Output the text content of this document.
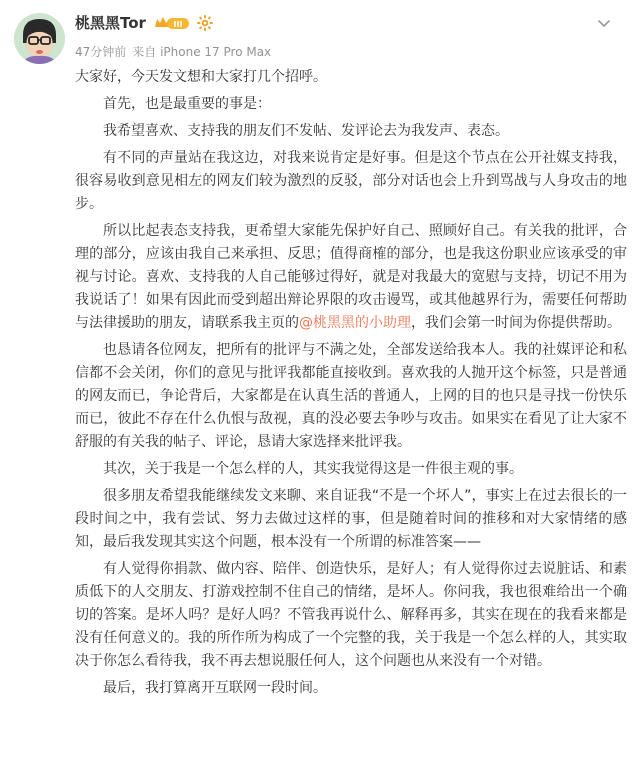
桃黑黑Tor	III
47分钟前 来自 iPhone 17 Pro Max

大家好，今天发文想和大家打几个招呼。

首先，也是最重要的事是：

我希望喜欢、支持我的朋友们不发帖、发评论去为我发声、表态。

有不同的声量站在我这边，对我来说肯定是好事。但是这个节点在公开社媒支持我，很容易收到意见相左的网友们较为激烈的反驳，部分对话也会上升到骂战与人身攻击的地步。

所以比起表态支持我，更希望大家能先保护好自己、照顾好自己。有关我的批评，合理的部分，应该由我自己来承担、反思；值得商榷的部分，也是我这份职业应该承受的审视与讨论。喜欢、支持我的人自己能够过得好，就是对我最大的宽慰与支持，切记不用为我说话了！如果有因此而受到超出辩论界限的攻击谩骂，或其他越界行为，需要任何帮助与法律援助的朋友，请联系我主页的@桃黑黑的小助理，我们会第一时间为你提供帮助。

也恳请各位网友，把所有的批评与不满之处，全部发送给我本人。我的社媒评论和私信都不会关闭，你们的意见与批评我都能直接收到。喜欢我的人抛开这个标签，只是普通的网友而已，争论背后，大家都是在认真生活的普通人，上网的目的也只是寻找一份快乐而已，彼此不存在什么仇恨与敌视，真的没必要去争吵与攻击。如果实在看见了让大家不舒服的有关我的帖子、评论，恳请大家选择来批评我。

其次，关于我是一个怎么样的人，其实我觉得这是一件很主观的事。

很多朋友希望我能继续发文来聊、来自证我“不是一个坏人”，事实上在过去很长的一段时间之中，我有尝试、努力去做过这样的事，但是随着时间的推移和对大家情绪的感知，最后我发现其实这个问题，根本没有一个所谓的标准答案——

有人觉得你捐款、做内容、陪伴、创造快乐，是好人；有人觉得你过去说脏话、和素质低下的人交朋友、打游戏控制不住自己的情绪，是坏人。你问我，我也很难给出一个确切的答案。是坏人吗？是好人吗？不管我再说什么、解释再多，其实在现在的我看来都是没有任何意义的。我的所作所为构成了一个完整的我，关于我是一个怎么样的人，其实取决于你怎么看待我，我不再去想说服任何人，这个问题也从来没有一个对错。

最后，我打算离开互联网一段时间。
